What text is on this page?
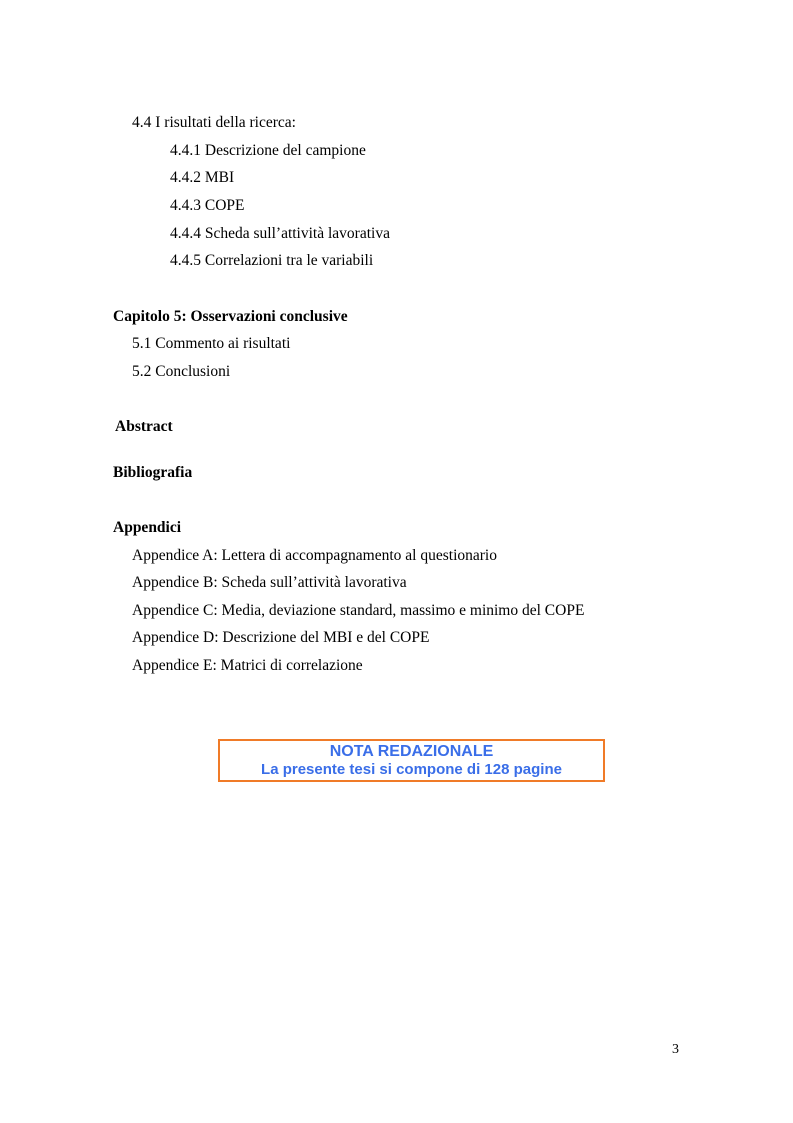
4.4 I risultati della ricerca:
4.4.1 Descrizione del campione
4.4.2 MBI
4.4.3 COPE
4.4.4 Scheda sull’attività lavorativa
4.4.5 Correlazioni tra le variabili
Capitolo 5: Osservazioni conclusive
5.1 Commento ai risultati
5.2 Conclusioni
Abstract
Bibliografia
Appendici
Appendice A: Lettera di accompagnamento al questionario
Appendice B: Scheda sull’attività lavorativa
Appendice C: Media, deviazione standard, massimo e minimo del COPE
Appendice D: Descrizione del MBI e del COPE
Appendice E: Matrici di correlazione
NOTA REDAZIONALE
La presente tesi si compone di 128 pagine
3
